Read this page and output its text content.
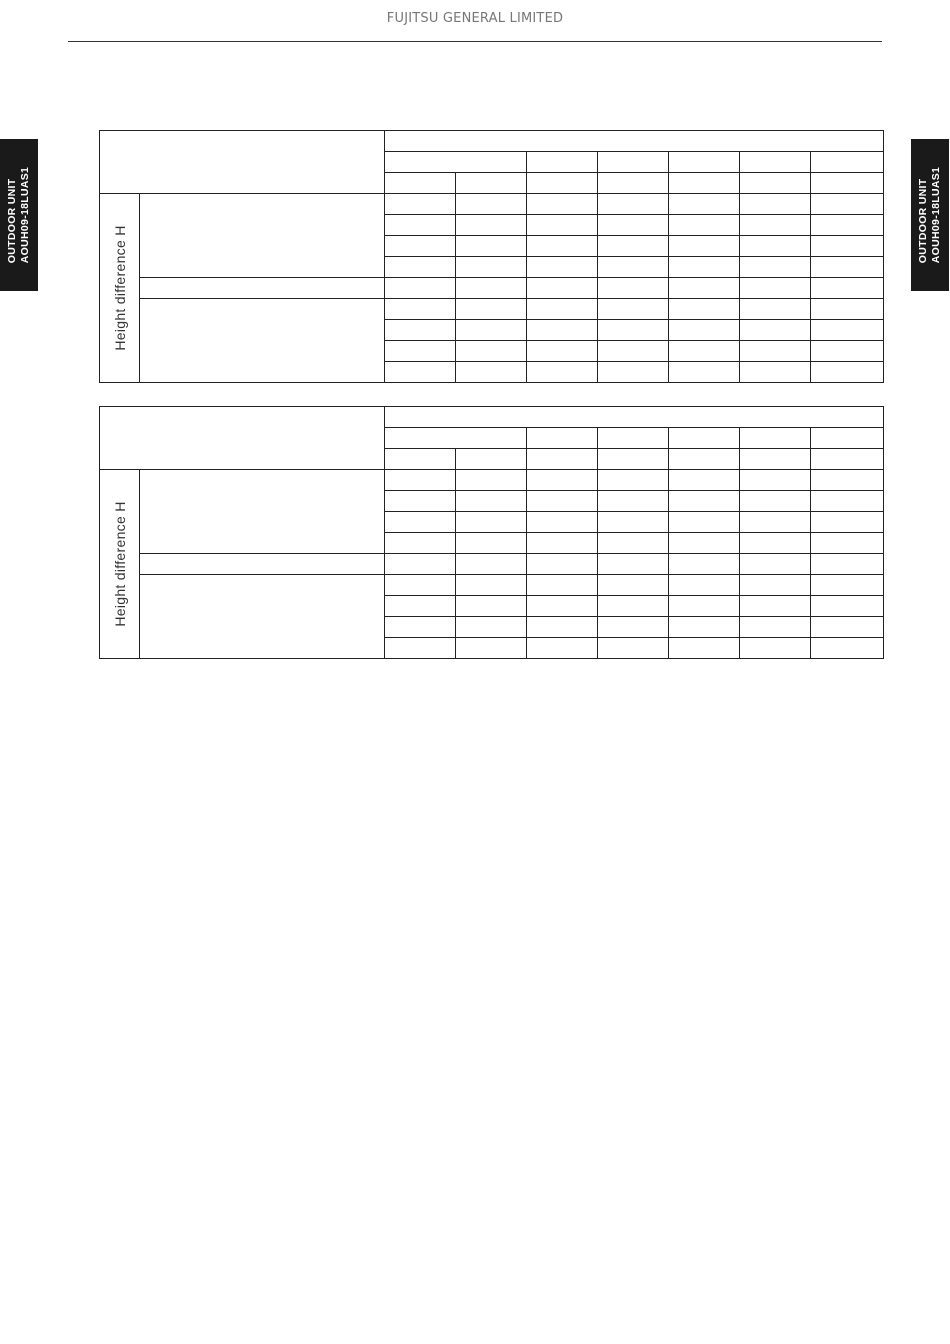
FUJITSU GENERAL LIMITED
OUTDOOR UNIT AOUH09-18LUAS1	OUTDOOR UNIT AOUH09-18LUAS1

Height difference H								

Height difference H								
